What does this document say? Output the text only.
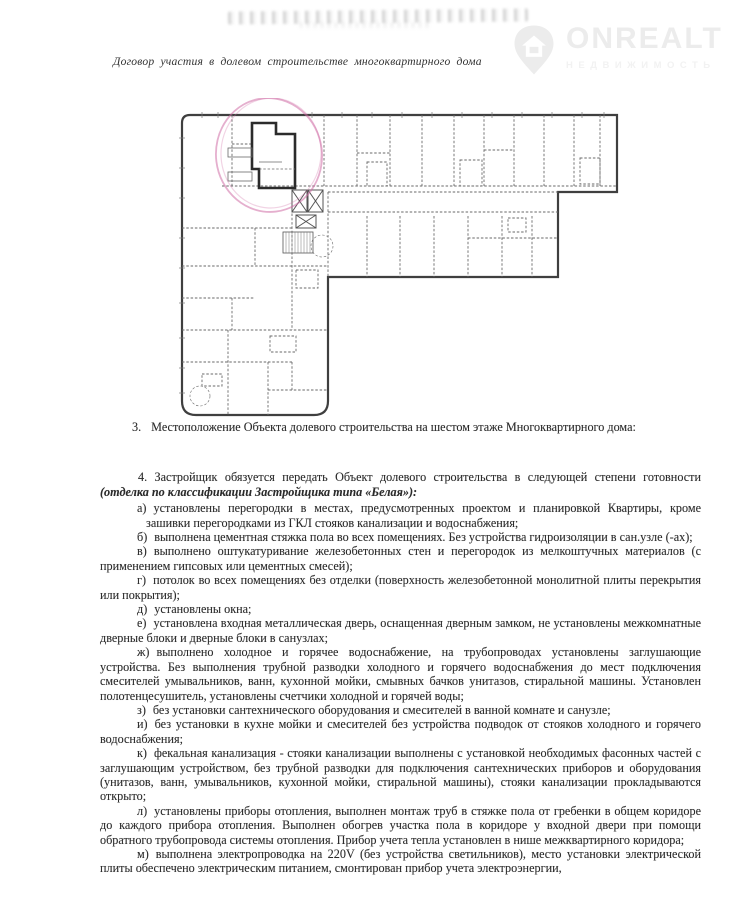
Договор участия в долевом строительстве многоквартирного дома
ONREALT
НЕДВИЖИМОСТЬ

3. Местоположение Объекта долевого строительства на шестом этаже Многоквартирного дома:

4. Застройщик обязуется передать Объект долевого строительства в следующей степени готовности (отделка по классификации Застройщика типа «Белая»):

а) установлены перегородки в местах, предусмотренных проектом и планировкой Квартиры, кроме зашивки перегородками из ГКЛ стояков канализации и водоснабжения;

б) выполнена цементная стяжка пола во всех помещениях. Без устройства гидроизоляции в сан.узле (-ах);

в) выполнено оштукатуривание железобетонных стен и перегородок из мелкоштучных материалов (с применением гипсовых или цементных смесей);

г) потолок во всех помещениях без отделки (поверхность железобетонной монолитной плиты перекрытия или покрытия);

д) установлены окна;

е) установлена входная металлическая дверь, оснащенная дверным замком, не установлены межкомнатные дверные блоки и дверные блоки в санузлах;

ж) выполнено холодное и горячее водоснабжение, на трубопроводах установлены заглушающие устройства. Без выполнения трубной разводки холодного и горячего водоснабжения до мест подключения смесителей умывальников, ванн, кухонной мойки, смывных бачков унитазов, стиральной машины. Установлен полотенцесушитель, установлены счетчики холодной и горячей воды;

з) без установки сантехнического оборудования и смесителей в ванной комнате и санузле;

и) без установки в кухне мойки и смесителей без устройства подводок от стояков холодного и горячего водоснабжения;

к) фекальная канализация - стояки канализации выполнены с установкой необходимых фасонных частей с заглушающим устройством, без трубной разводки для подключения сантехнических приборов и оборудования (унитазов, ванн, умывальников, кухонной мойки, стиральной машины), стояки канализации прокладываются открыто;

л) установлены приборы отопления, выполнен монтаж труб в стяжке пола от гребенки в общем коридоре до каждого прибора отопления. Выполнен обогрев участка пола в коридоре у входной двери при помощи обратного трубопровода системы отопления. Прибор учета тепла установлен в нише межквартирного коридора;

м) выполнена электропроводка на 220V (без устройства светильников), место установки электрической плиты обеспечено электрическим питанием, смонтирован прибор учета электроэнергии,
